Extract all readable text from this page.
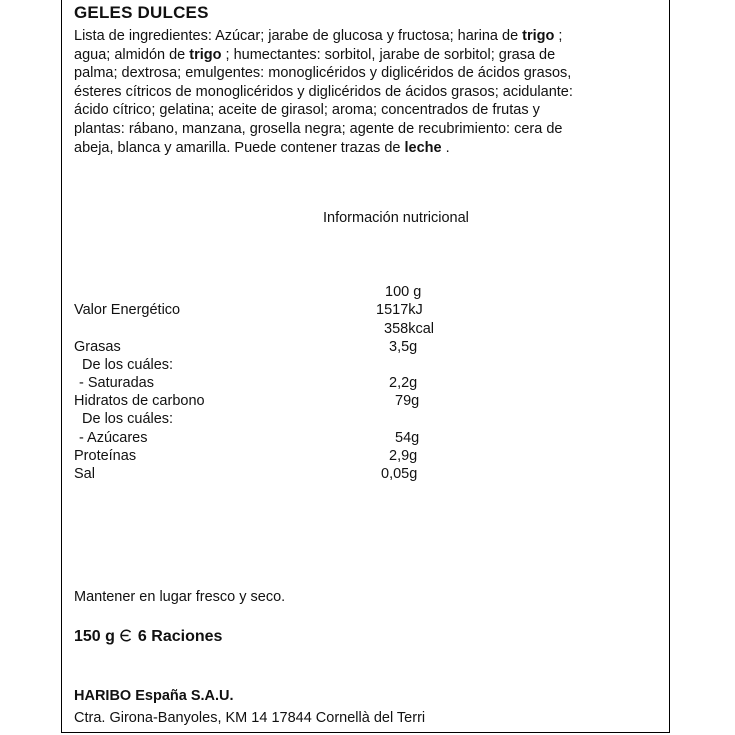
GELES DULCES
Lista de ingredientes: Azúcar; jarabe de glucosa y fructosa; harina de trigo ;
agua; almidón de trigo ; humectantes: sorbitol, jarabe de sorbitol; grasa de
palma; dextrosa; emulgentes: monoglicéridos y diglicéridos de ácidos grasos,
ésteres cítricos de monoglicéridos y diglicéridos de ácidos grasos; acidulante:
ácido cítrico; gelatina; aceite de girasol; aroma; concentrados de frutas y
plantas: rábano, manzana, grosella negra; agente de recubrimiento: cera de
abeja, blanca y amarilla. Puede contener trazas de leche .
Información nutricional
100 g
Valor Energético	1517kJ
358kcal
Grasas	3,5g
De los cuáles:
- Saturadas	2,2g
Hidratos de carbono	79g
De los cuáles:
- Azúcares	54g
Proteínas	2,9g
Sal	0,05g
Mantener en lugar fresco y seco.
150 g 6 Raciones
HARIBO España S.A.U.
Ctra. Girona-Banyoles, KM 14 17844 Cornellà del Terri
